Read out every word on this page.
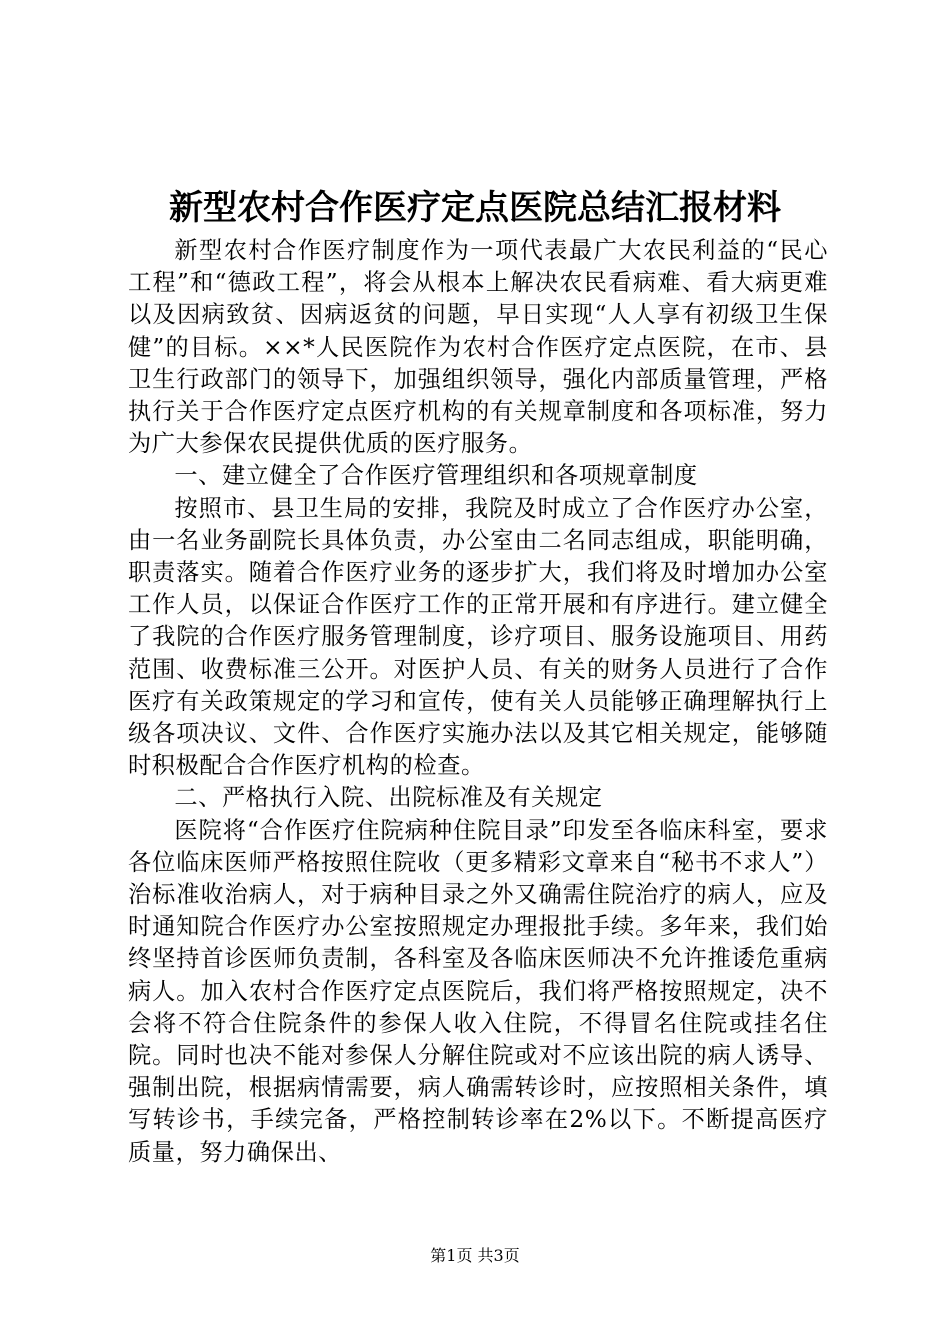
新型农村合作医疗定点医院总结汇报材料

新型农村合作医疗制度作为一项代表最广大农民利益的“民心工程”和“德政工程”，将会从根本上解决农民看病难、看大病更难以及因病致贫、因病返贫的问题，早日实现“人人享有初级卫生保健”的目标。××*人民医院作为农村合作医疗定点医院，在市、县卫生行政部门的领导下，加强组织领导，强化内部质量管理，严格执行关于合作医疗定点医疗机构的有关规章制度和各项标准，努力为广大参保农民提供优质的医疗服务。

一、建立健全了合作医疗管理组织和各项规章制度

按照市、县卫生局的安排，我院及时成立了合作医疗办公室，由一名业务副院长具体负责，办公室由二名同志组成，职能明确，职责落实。随着合作医疗业务的逐步扩大，我们将及时增加办公室工作人员，以保证合作医疗工作的正常开展和有序进行。建立健全了我院的合作医疗服务管理制度，诊疗项目、服务设施项目、用药范围、收费标准三公开。对医护人员、有关的财务人员进行了合作医疗有关政策规定的学习和宣传，使有关人员能够正确理解执行上级各项决议、文件、合作医疗实施办法以及其它相关规定，能够随时积极配合合作医疗机构的检查。

二、严格执行入院、出院标准及有关规定

医院将“合作医疗住院病种住院目录”印发至各临床科室，要求各位临床医师严格按照住院收（更多精彩文章来自“秘书不求人”）治标准收治病人，对于病种目录之外又确需住院治疗的病人，应及时通知院合作医疗办公室按照规定办理报批手续。多年来，我们始终坚持首诊医师负责制，各科室及各临床医师决不允许推诿危重病病人。加入农村合作医疗定点医院后，我们将严格按照规定，决不会将不符合住院条件的参保人收入住院，不得冒名住院或挂名住院。同时也决不能对参保人分解住院或对不应该出院的病人诱导、强制出院，根据病情需要，病人确需转诊时，应按照相关条件，填写转诊书，手续完备，严格控制转诊率在2%以下。不断提高医疗质量，努力确保出、

第1页 共3页
